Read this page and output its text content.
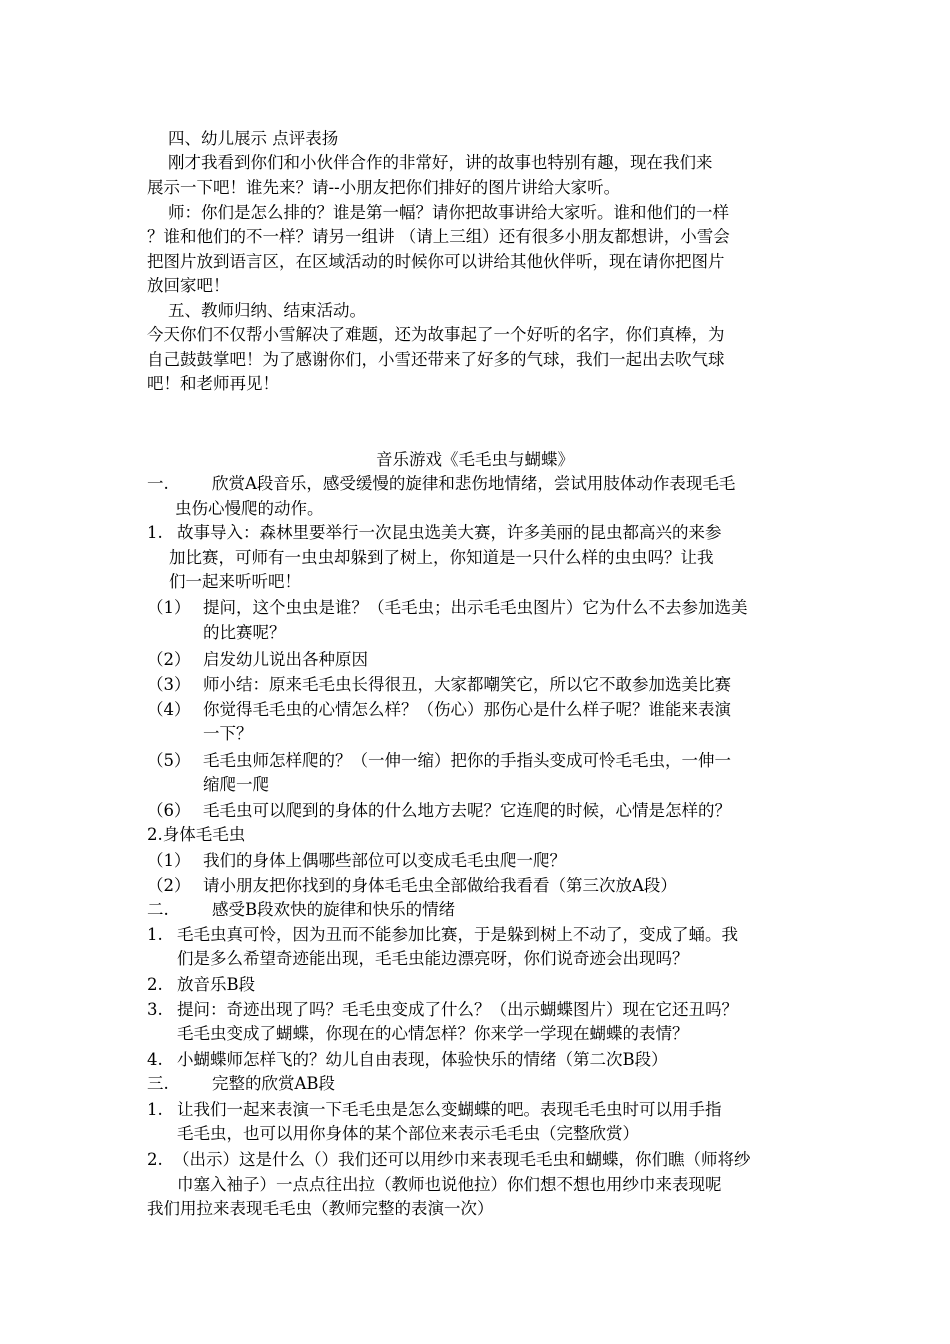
四、幼儿展示 点评表扬
刚才我看到你们和小伙伴合作的非常好，讲的故事也特别有趣，现在我们来
展示一下吧！谁先来？请--小朋友把你们排好的图片讲给大家听。
师：你们是怎么排的？谁是第一幅？请你把故事讲给大家听。谁和他们的一样
？谁和他们的不一样？请另一组讲 （请上三组）还有很多小朋友都想讲，小雪会
把图片放到语言区，在区域活动的时候你可以讲给其他伙伴听，现在请你把图片
放回家吧！
五、教师归纳、结束活动。
今天你们不仅帮小雪解决了难题，还为故事起了一个好听的名字，你们真棒，为
自己鼓鼓掌吧！为了感谢你们，小雪还带来了好多的气球，我们一起出去吹气球
吧！和老师再见！
音乐游戏《毛毛虫与蝴蝶》
一.	欣赏A段音乐，感受缓慢的旋律和悲伤地情绪，尝试用肢体动作表现毛毛
虫伤心慢爬的动作。
1. 故事导入：森林里要举行一次昆虫选美大赛，许多美丽的昆虫都高兴的来参
加比赛，可师有一虫虫却躲到了树上，你知道是一只什么样的虫虫吗？让我
们一起来听听吧！
（1） 提问，这个虫虫是谁？（毛毛虫；出示毛毛虫图片）它为什么不去参加选美
的比赛呢？
（2） 启发幼儿说出各种原因
（3） 师小结：原来毛毛虫长得很丑，大家都嘲笑它，所以它不敢参加选美比赛
（4） 你觉得毛毛虫的心情怎么样？（伤心）那伤心是什么样子呢？谁能来表演
一下？
（5） 毛毛虫师怎样爬的？（一伸一缩）把你的手指头变成可怜毛毛虫，一伸一
缩爬一爬
（6） 毛毛虫可以爬到的身体的什么地方去呢？它连爬的时候，心情是怎样的？
2.身体毛毛虫
（1） 我们的身体上偶哪些部位可以变成毛毛虫爬一爬？
（2） 请小朋友把你找到的身体毛毛虫全部做给我看看（第三次放A段）
二.	感受B段欢快的旋律和快乐的情绪
1. 毛毛虫真可怜，因为丑而不能参加比赛，于是躲到树上不动了，变成了蛹。我
们是多么希望奇迹能出现，毛毛虫能边漂亮呀，你们说奇迹会出现吗？
2. 放音乐B段
3. 提问：奇迹出现了吗？毛毛虫变成了什么？（出示蝴蝶图片）现在它还丑吗？
毛毛虫变成了蝴蝶，你现在的心情怎样？你来学一学现在蝴蝶的表情？
4. 小蝴蝶师怎样飞的？幼儿自由表现，体验快乐的情绪（第二次B段）
三.	完整的欣赏AB段
1. 让我们一起来表演一下毛毛虫是怎么变蝴蝶的吧。表现毛毛虫时可以用手指
毛毛虫，也可以用你身体的某个部位来表示毛毛虫（完整欣赏）
2. （出示）这是什么（）我们还可以用纱巾来表现毛毛虫和蝴蝶，你们瞧（师将纱
巾塞入袖子）一点点往出拉（教师也说他拉）你们想不想也用纱巾来表现呢
我们用拉来表现毛毛虫（教师完整的表演一次）
